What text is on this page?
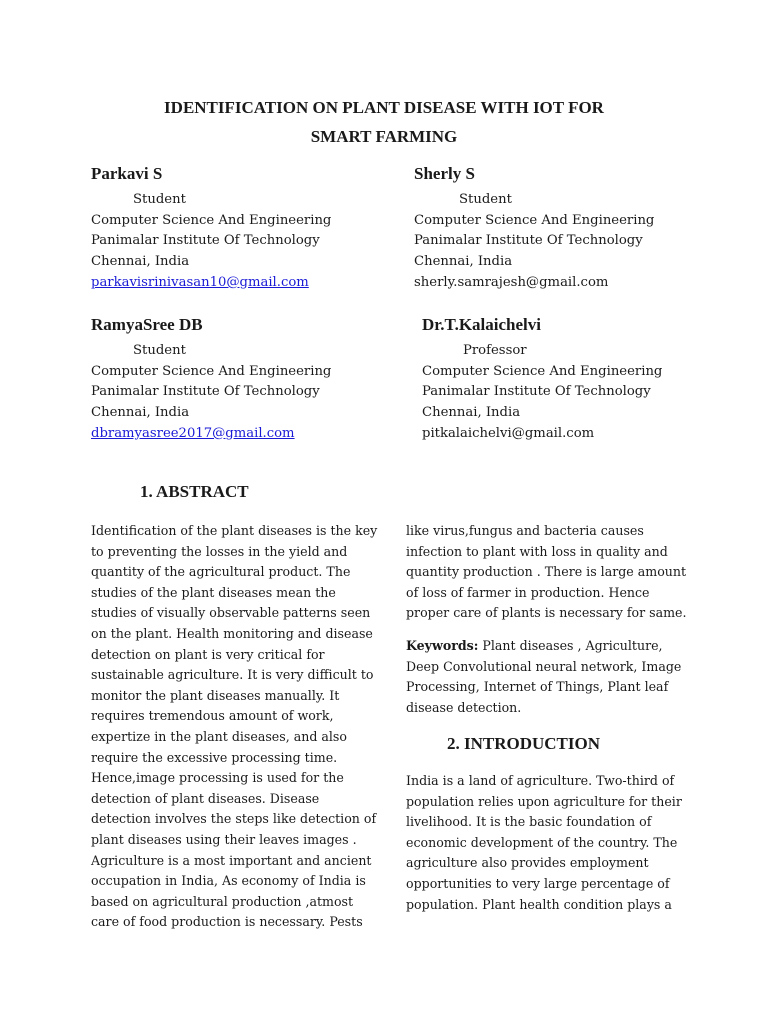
IDENTIFICATION ON PLANT DISEASE WITH IOT FOR
SMART FARMING
Parkavi S
Student
Computer Science And Engineering
Panimalar Institute Of Technology
Chennai, India
parkavisrinivasan10@gmail.com
Sherly S
Student
Computer Science And Engineering
Panimalar Institute Of Technology
Chennai, India
sherly.samrajesh@gmail.com
RamyaSree DB
Student
Computer Science And Engineering
Panimalar Institute Of Technology
Chennai, India
dbramyasree2017@gmail.com
Dr.T.Kalaichelvi
Professor
Computer Science And Engineering
Panimalar Institute Of Technology
Chennai, India
pitkalaichelvi@gmail.com
1. ABSTRACT
Identification of the plant diseases is the key
to preventing the losses in the yield and
quantity of the agricultural product. The
studies of the plant diseases mean the
studies of visually observable patterns seen
on the plant. Health monitoring and disease
detection on plant is very critical for
sustainable agriculture. It is very difficult to
monitor the plant diseases manually. It
requires tremendous amount of work,
expertize in the plant diseases, and also
require the excessive processing time.
Hence,image processing is used for the
detection of plant diseases. Disease
detection involves the steps like detection of
plant diseases using their leaves images .
Agriculture is a most important and ancient
occupation in India, As economy of India is
based on agricultural production ,atmost
care of food production is necessary. Pests
like virus,fungus and bacteria causes
infection to plant with loss in quality and
quantity production . There is large amount
of loss of farmer in production. Hence
proper care of plants is necessary for same.
Keywords: Plant diseases , Agriculture,
Deep Convolutional neural network, Image
Processing, Internet of Things, Plant leaf
disease detection.
2. INTRODUCTION
India is a land of agriculture. Two-third of
population relies upon agriculture for their
livelihood. It is the basic foundation of
economic development of the country. The
agriculture also provides employment
opportunities to very large percentage of
population. Plant health condition plays a
